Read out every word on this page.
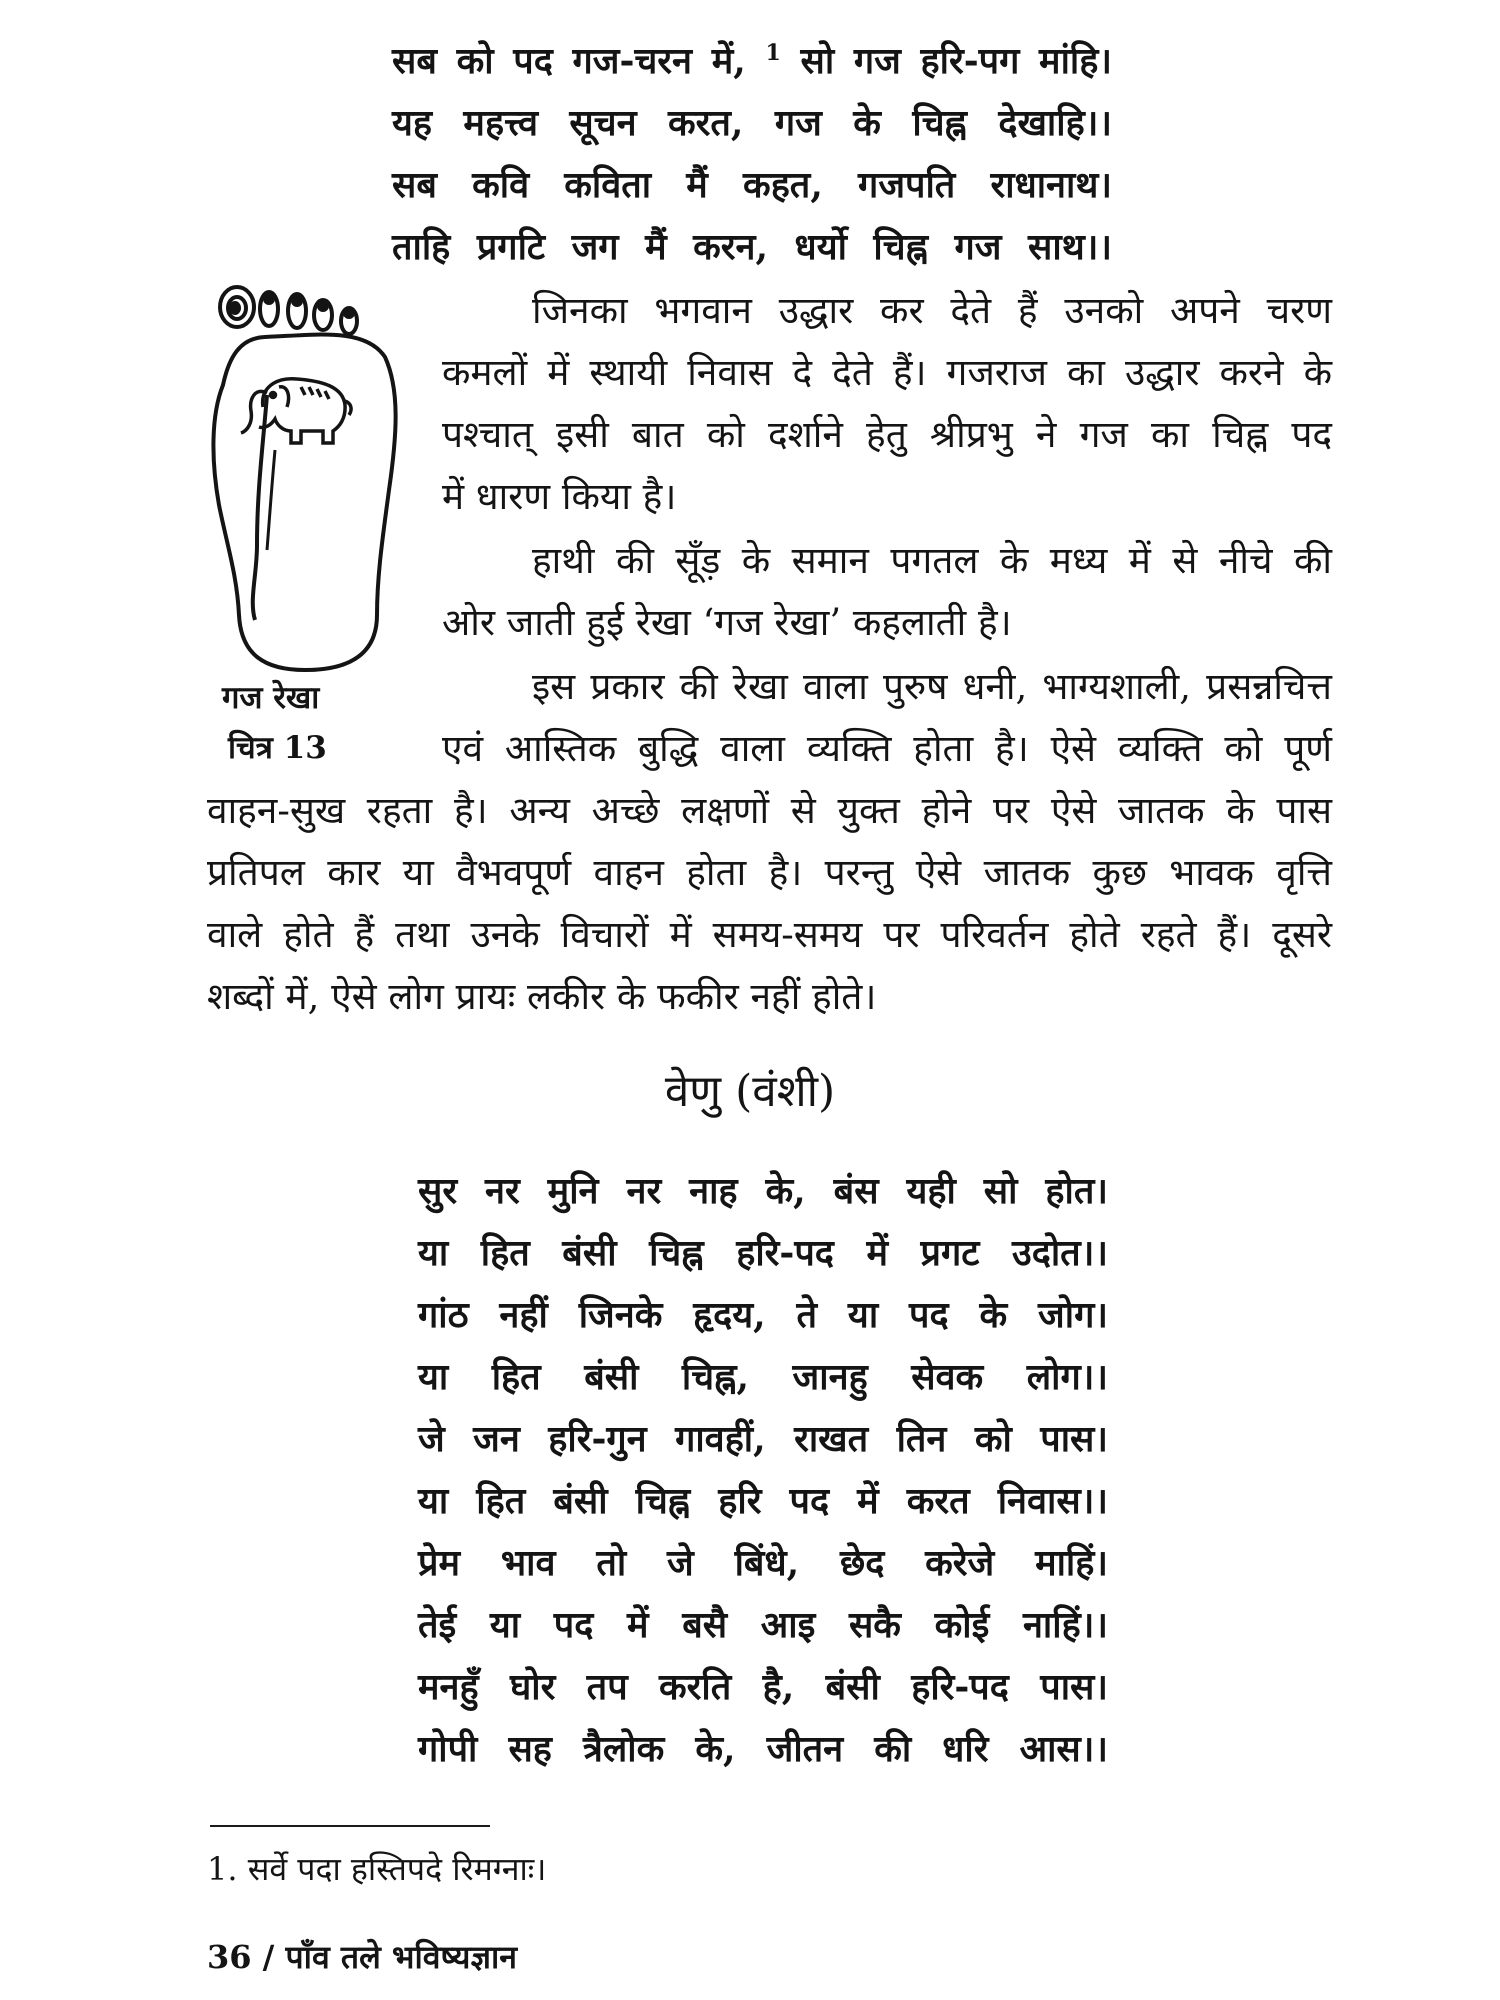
सब को पद गज-चरन में, $^1$ सो गज हरि-पग मांहि।
यह महत्त्व सूचन करत, गज के चिह्न देखाहि।।
सब कवि कविता मैं कहत, गजपति राधानाथ।
ताहि प्रगटि जग मैं करन, धर्यो चिह्न गज साथ।।
गज रेखा
चित्र 13
जिनका भगवान उद्धार कर देते हैं उनको अपने चरण
कमलों में स्थायी निवास दे देते हैं। गजराज का उद्धार करने के
पश्चात् इसी बात को दर्शाने हेतु श्रीप्रभु ने गज का चिह्न पद
में धारण किया है।
हाथी की सूँड़ के समान पगतल के मध्य में से नीचे की
ओर जाती हुई रेखा ‘गज रेखा’ कहलाती है।
इस प्रकार की रेखा वाला पुरुष धनी, भाग्यशाली, प्रसन्नचित्त
एवं आस्तिक बुद्धि वाला व्यक्ति होता है। ऐसे व्यक्ति को पूर्ण
वाहन-सुख रहता है। अन्य अच्छे लक्षणों से युक्त होने पर ऐसे जातक के पास
प्रतिपल कार या वैभवपूर्ण वाहन होता है। परन्तु ऐसे जातक कुछ भावक वृत्ति
वाले होते हैं तथा उनके विचारों में समय-समय पर परिवर्तन होते रहते हैं। दूसरे
शब्दों में, ऐसे लोग प्रायः लकीर के फकीर नहीं होते।
वेणु (वंशी)
सुर नर मुनि नर नाह के, बंस यही सो होत।
या हित बंसी चिह्न हरि-पद में प्रगट उदोत।।
गांठ नहीं जिनके हृदय, ते या पद के जोग।
या हित बंसी चिह्न, जानहु सेवक लोग।।
जे जन हरि-गुन गावहीं, राखत तिन को पास।
या हित बंसी चिह्न हरि पद में करत निवास।।
प्रेम भाव तो जे बिंधे, छेद करेजे माहिं।
तेई या पद में बसै आइ सकै कोई नाहिं।।
मनहुँ घोर तप करति है, बंसी हरि-पद पास।
गोपी सह त्रैलोक के, जीतन की धरि आस।।
1. सर्वे पदा हस्तिपदे रिमग्नाः।
36 / पाँव तले भविष्यज्ञान
